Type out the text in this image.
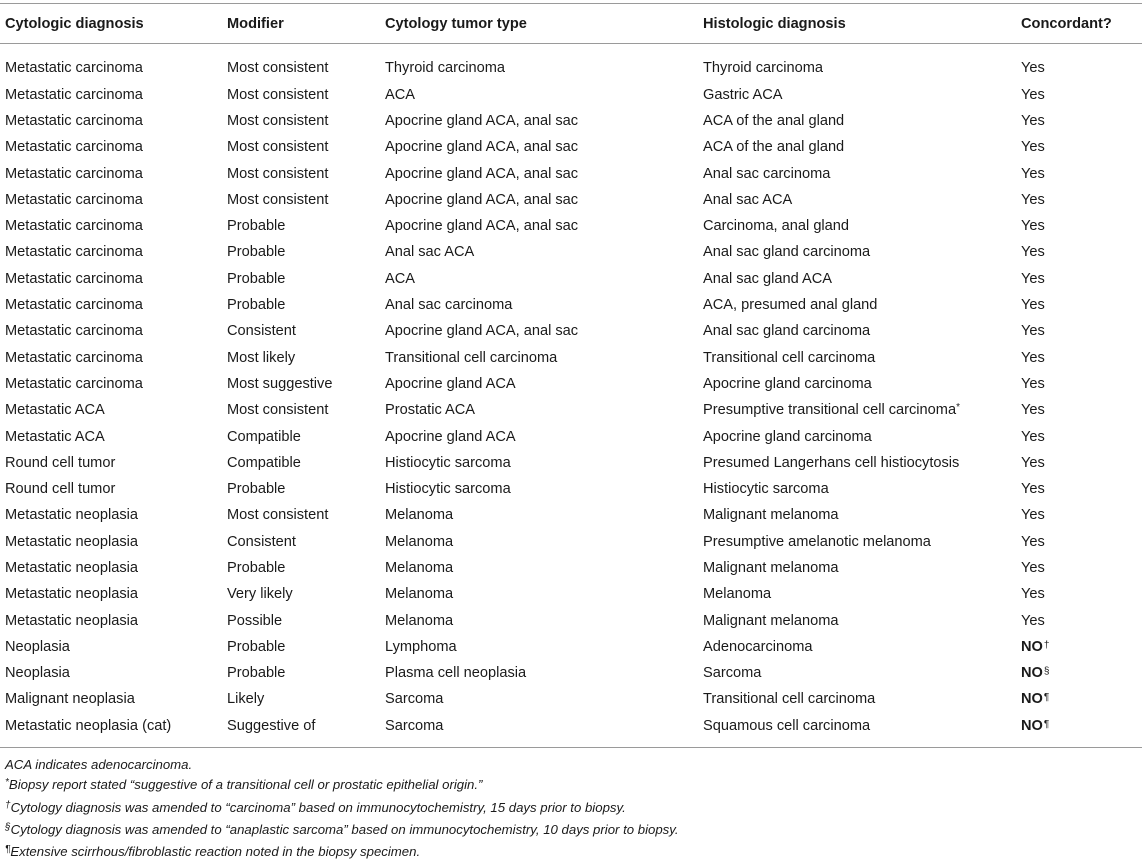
Cytologic diagnosis	Modifier	Cytology tumor type	Histologic diagnosis	Concordant?
Metastatic carcinoma	Most consistent	Thyroid carcinoma	Thyroid carcinoma	Yes
Metastatic carcinoma	Most consistent	ACA	Gastric ACA	Yes
Metastatic carcinoma	Most consistent	Apocrine gland ACA, anal sac	ACA of the anal gland	Yes
Metastatic carcinoma	Most consistent	Apocrine gland ACA, anal sac	ACA of the anal gland	Yes
Metastatic carcinoma	Most consistent	Apocrine gland ACA, anal sac	Anal sac carcinoma	Yes
Metastatic carcinoma	Most consistent	Apocrine gland ACA, anal sac	Anal sac ACA	Yes
Metastatic carcinoma	Probable	Apocrine gland ACA, anal sac	Carcinoma, anal gland	Yes
Metastatic carcinoma	Probable	Anal sac ACA	Anal sac gland carcinoma	Yes
Metastatic carcinoma	Probable	ACA	Anal sac gland ACA	Yes
Metastatic carcinoma	Probable	Anal sac carcinoma	ACA, presumed anal gland	Yes
Metastatic carcinoma	Consistent	Apocrine gland ACA, anal sac	Anal sac gland carcinoma	Yes
Metastatic carcinoma	Most likely	Transitional cell carcinoma	Transitional cell carcinoma	Yes
Metastatic carcinoma	Most suggestive	Apocrine gland ACA	Apocrine gland carcinoma	Yes
Metastatic ACA	Most consistent	Prostatic ACA	Presumptive transitional cell carcinoma*	Yes
Metastatic ACA	Compatible	Apocrine gland ACA	Apocrine gland carcinoma	Yes
Round cell tumor	Compatible	Histiocytic sarcoma	Presumed Langerhans cell histiocytosis	Yes
Round cell tumor	Probable	Histiocytic sarcoma	Histiocytic sarcoma	Yes
Metastatic neoplasia	Most consistent	Melanoma	Malignant melanoma	Yes
Metastatic neoplasia	Consistent	Melanoma	Presumptive amelanotic melanoma	Yes
Metastatic neoplasia	Probable	Melanoma	Malignant melanoma	Yes
Metastatic neoplasia	Very likely	Melanoma	Melanoma	Yes
Metastatic neoplasia	Possible	Melanoma	Malignant melanoma	Yes
Neoplasia	Probable	Lymphoma	Adenocarcinoma	NO†
Neoplasia	Probable	Plasma cell neoplasia	Sarcoma	NO§
Malignant neoplasia	Likely	Sarcoma	Transitional cell carcinoma	NO¶
Metastatic neoplasia (cat)	Suggestive of	Sarcoma	Squamous cell carcinoma	NO¶
ACA indicates adenocarcinoma.
*Biopsy report stated “suggestive of a transitional cell or prostatic epithelial origin.”
†Cytology diagnosis was amended to “carcinoma” based on immunocytochemistry, 15 days prior to biopsy.
§Cytology diagnosis was amended to “anaplastic sarcoma” based on immunocytochemistry, 10 days prior to biopsy.
¶Extensive scirrhous/fibroblastic reaction noted in the biopsy specimen.
